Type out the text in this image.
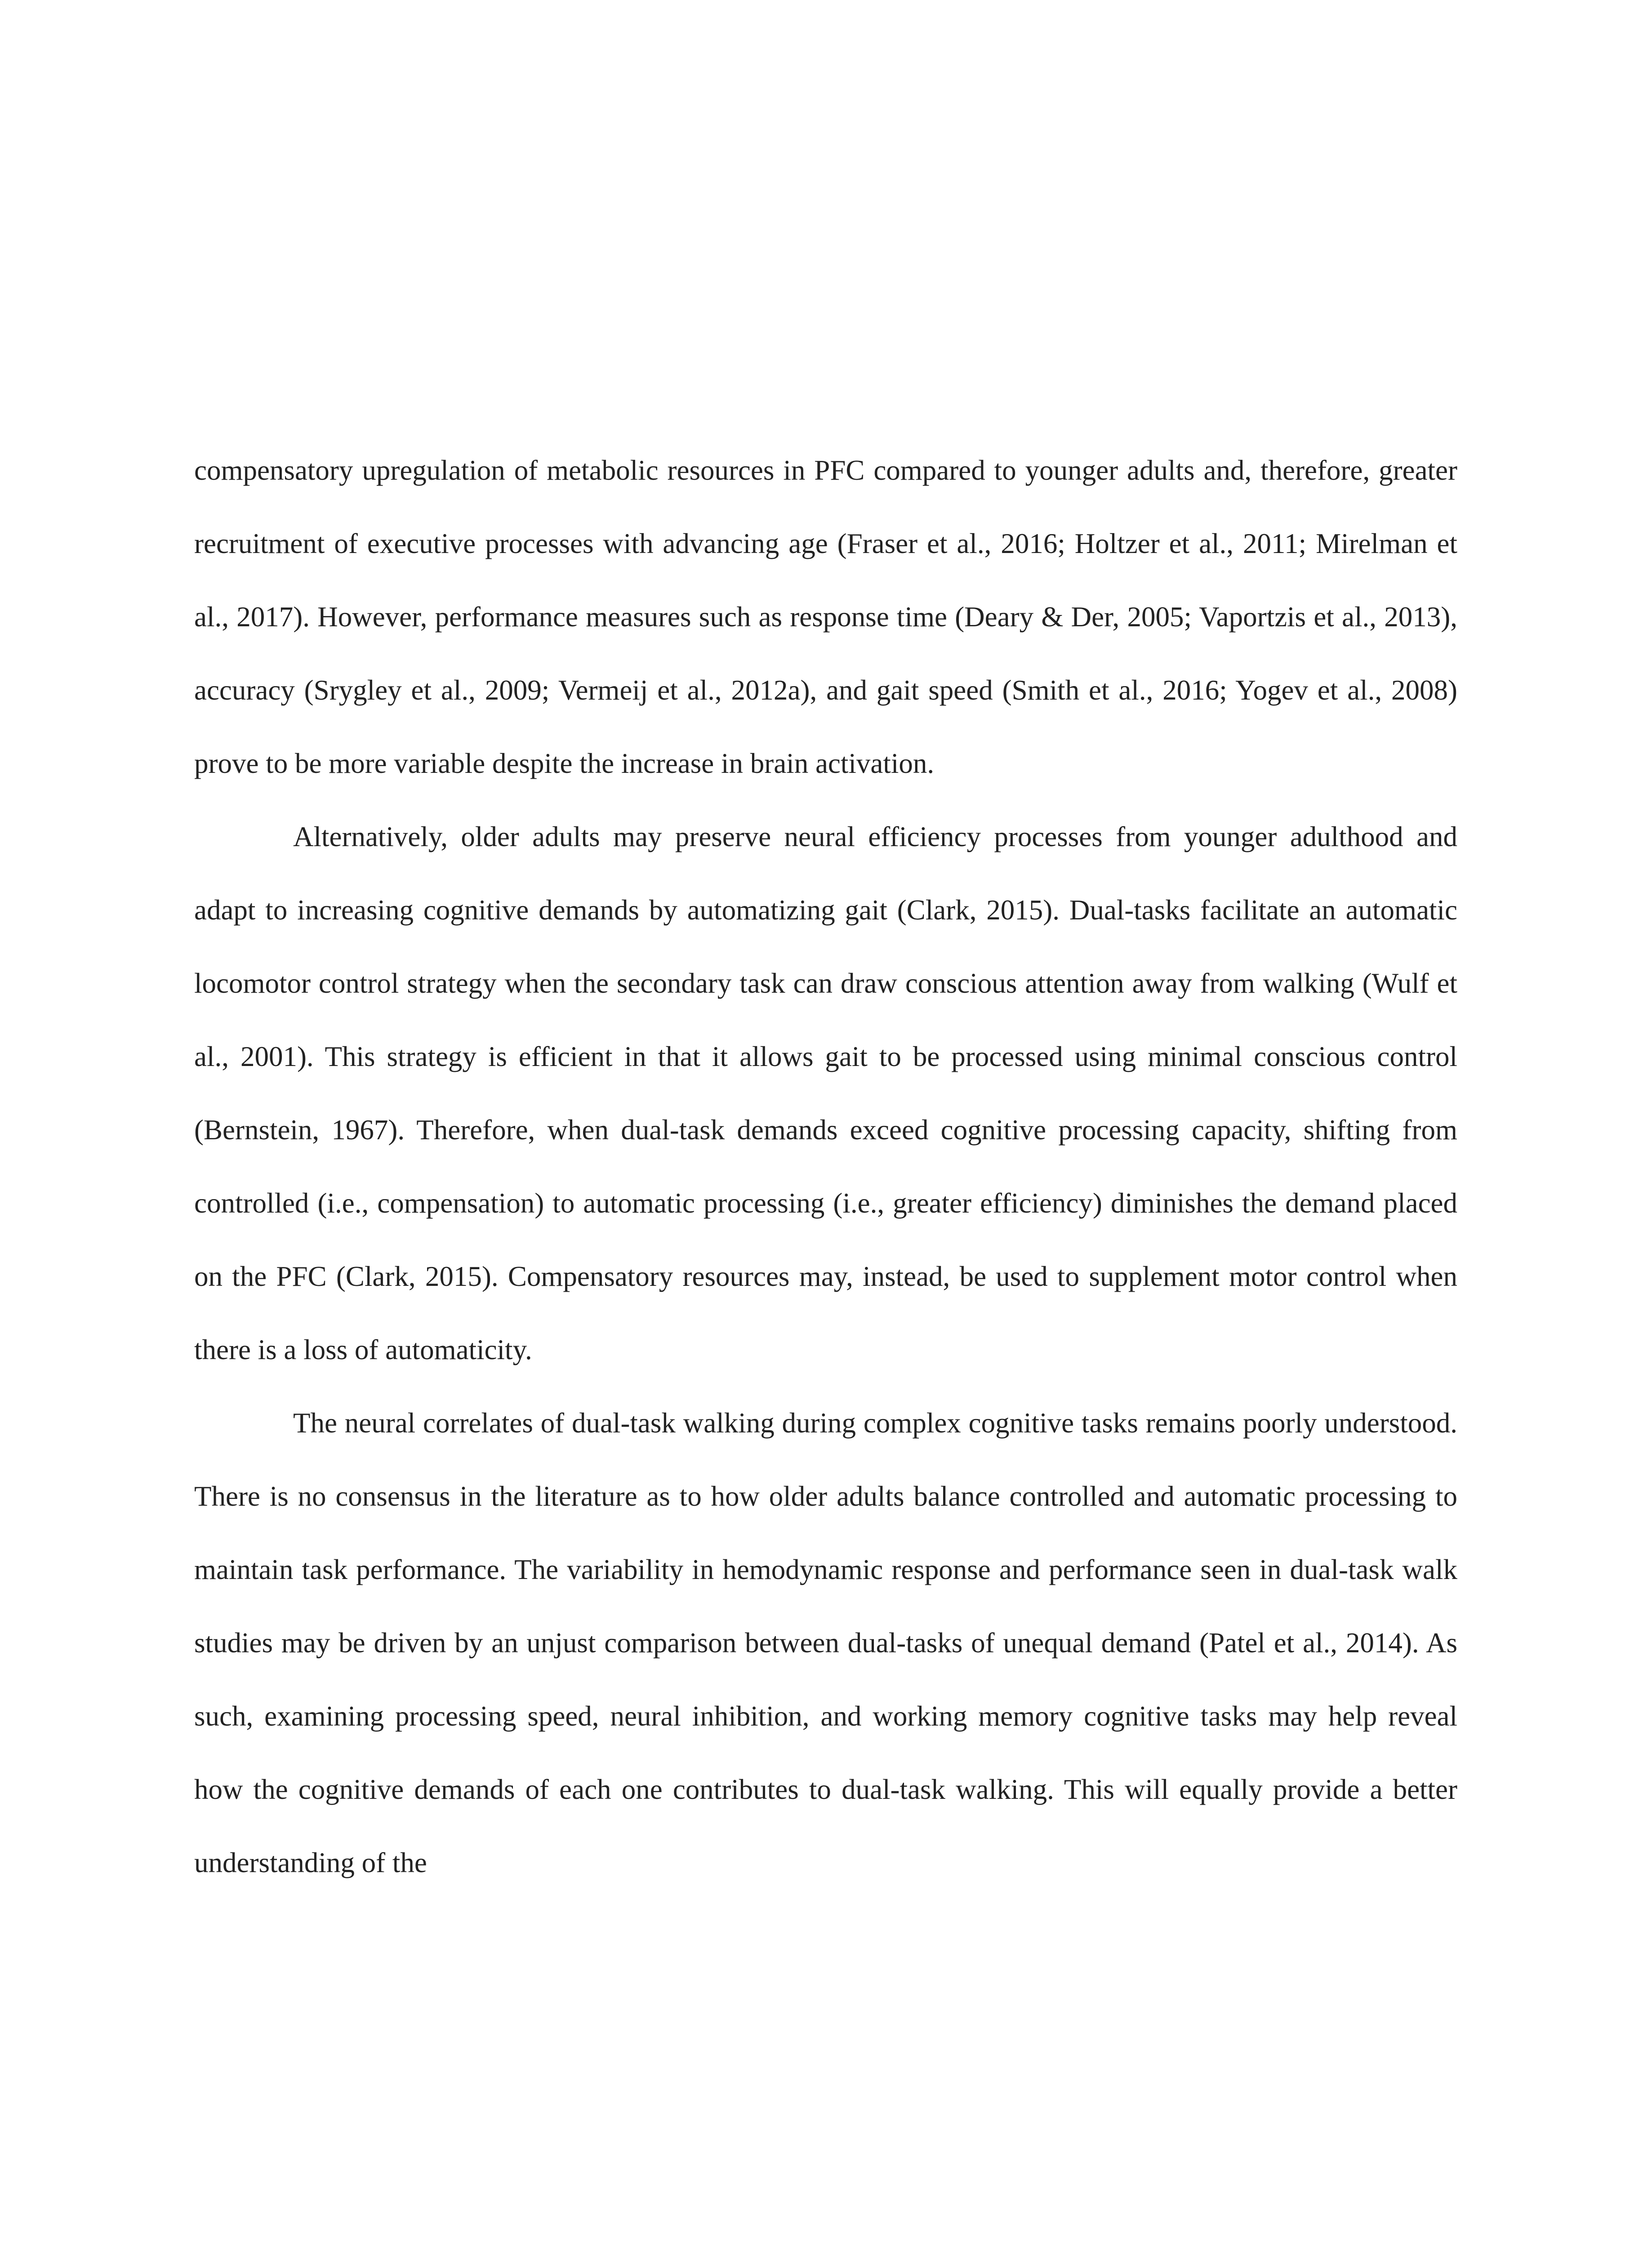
compensatory upregulation of metabolic resources in PFC compared to younger adults and, therefore, greater recruitment of executive processes with advancing age (Fraser et al., 2016; Holtzer et al., 2011; Mirelman et al., 2017). However, performance measures such as response time (Deary & Der, 2005; Vaportzis et al., 2013), accuracy (Srygley et al., 2009; Vermeij et al., 2012a), and gait speed (Smith et al., 2016; Yogev et al., 2008) prove to be more variable despite the increase in brain activation.

Alternatively, older adults may preserve neural efficiency processes from younger adulthood and adapt to increasing cognitive demands by automatizing gait (Clark, 2015). Dual-tasks facilitate an automatic locomotor control strategy when the secondary task can draw conscious attention away from walking (Wulf et al., 2001). This strategy is efficient in that it allows gait to be processed using minimal conscious control (Bernstein, 1967). Therefore, when dual-task demands exceed cognitive processing capacity, shifting from controlled (i.e., compensation) to automatic processing (i.e., greater efficiency) diminishes the demand placed on the PFC (Clark, 2015). Compensatory resources may, instead, be used to supplement motor control when there is a loss of automaticity.

The neural correlates of dual-task walking during complex cognitive tasks remains poorly understood. There is no consensus in the literature as to how older adults balance controlled and automatic processing to maintain task performance. The variability in hemodynamic response and performance seen in dual-task walk studies may be driven by an unjust comparison between dual-tasks of unequal demand (Patel et al., 2014). As such, examining processing speed, neural inhibition, and working memory cognitive tasks may help reveal how the cognitive demands of each one contributes to dual-task walking. This will equally provide a better understanding of the
